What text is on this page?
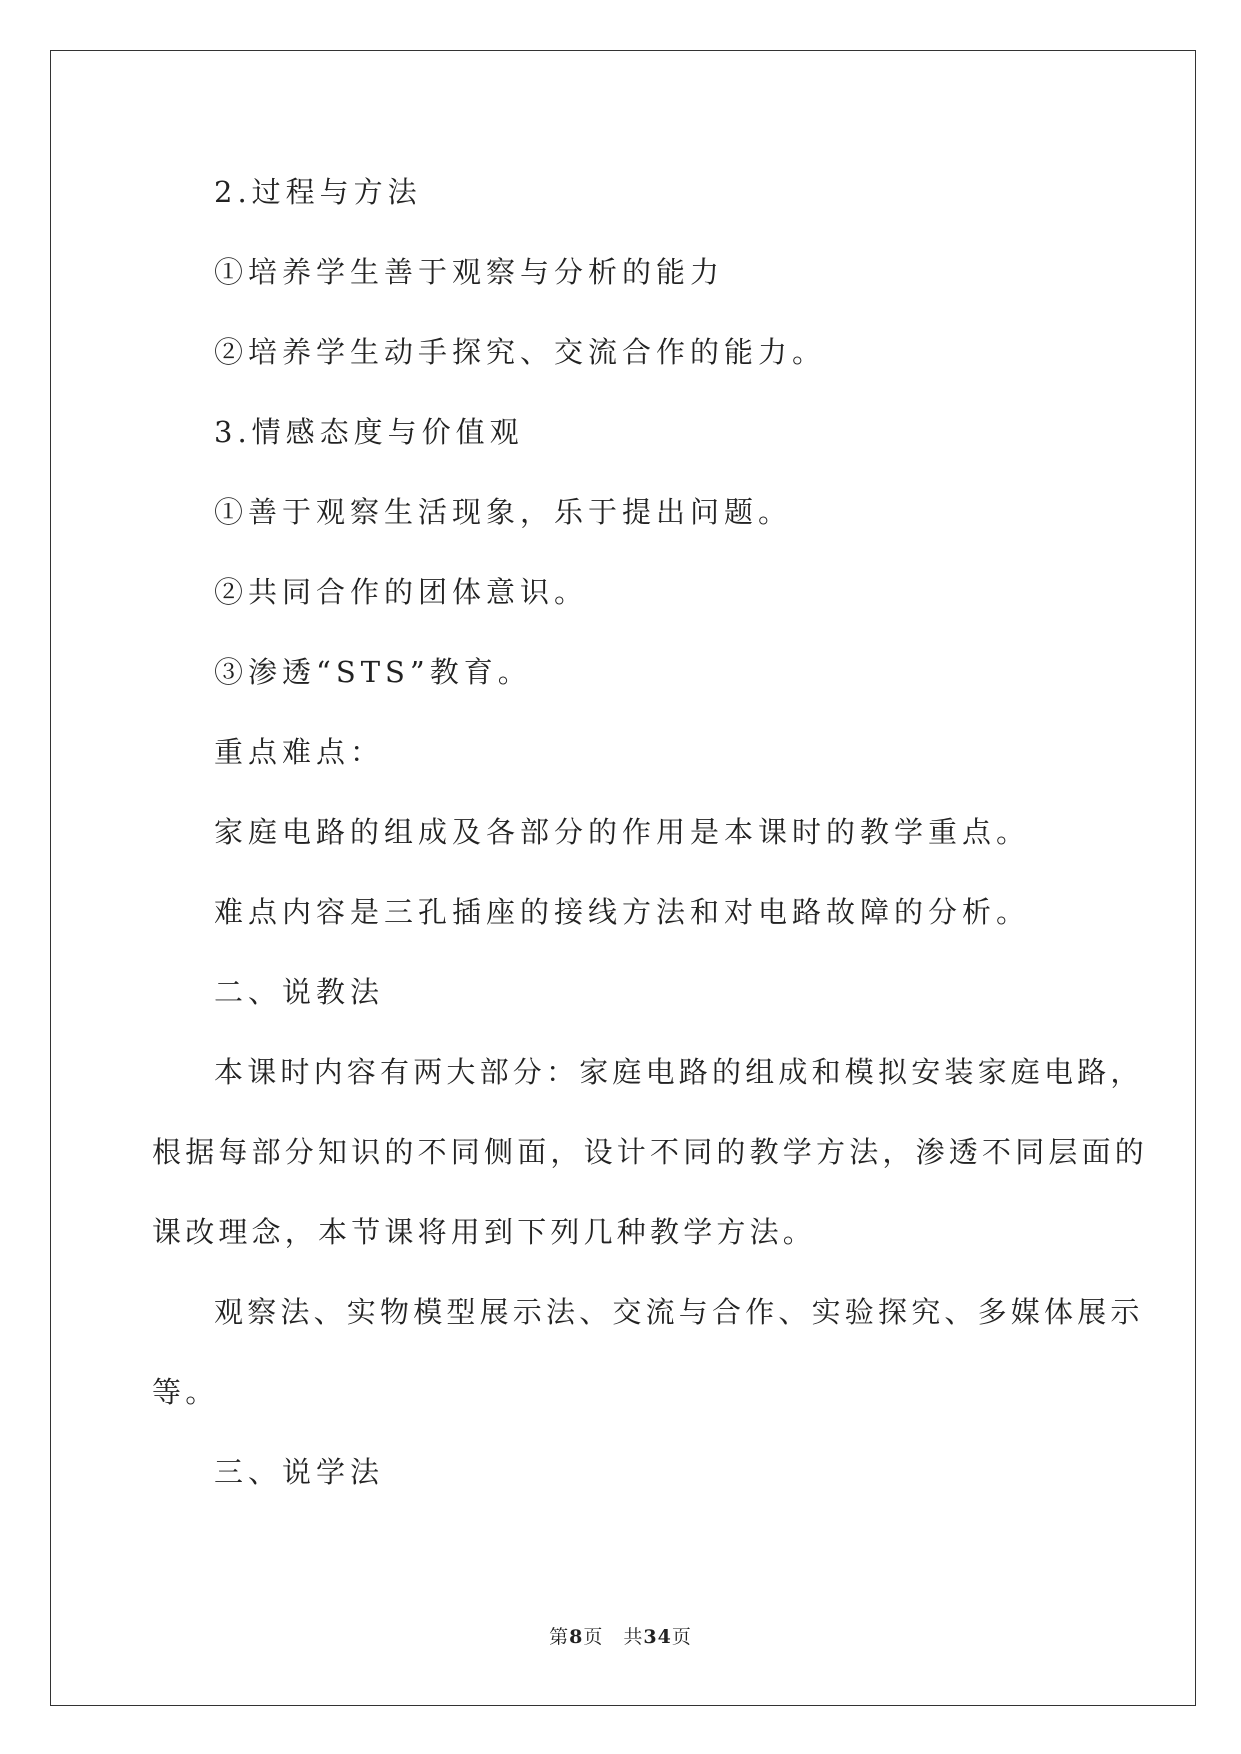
2.过程与方法
①培养学生善于观察与分析的能力
②培养学生动手探究、交流合作的能力。
3.情感态度与价值观
①善于观察生活现象，乐于提出问题。
②共同合作的团体意识。
③渗透“STS”教育。
重点难点：
家庭电路的组成及各部分的作用是本课时的教学重点。
难点内容是三孔插座的接线方法和对电路故障的分析。
二、说教法
本课时内容有两大部分：家庭电路的组成和模拟安装家庭电路，
根据每部分知识的不同侧面，设计不同的教学方法，渗透不同层面的
课改理念，本节课将用到下列几种教学方法。
观察法、实物模型展示法、交流与合作、实验探究、多媒体展示
等。
三、说学法
第8页　共34页
